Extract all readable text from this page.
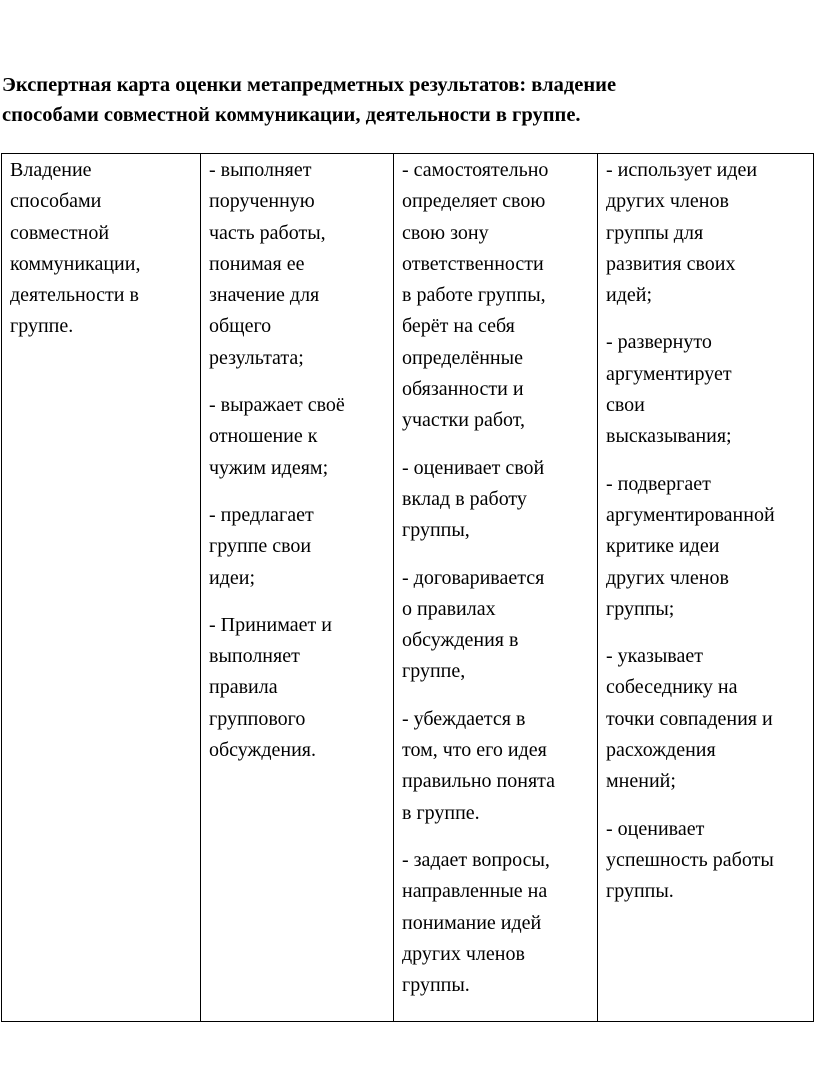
Экспертная карта оценки метапредметных результатов: владение
способами совместной коммуникации, деятельности в группе.
Владение
способами
совместной
коммуникации,
деятельности в
группе.

- выполняет
порученную
часть работы,
понимая ее
значение для
общего
результата;
- выражает своё
отношение к
чужим идеям;
- предлагает
группе свои
идеи;
- Принимает и
выполняет
правила
группового
обсуждения.

- самостоятельно
определяет свою
свою зону
ответственности
в работе группы,
берёт на себя
определённые
обязанности и
участки работ,
- оценивает свой
вклад в работу
группы,
- договаривается
о правилах
обсуждения в
группе,
- убеждается в
том, что его идея
правильно понята
в группе.
- задает вопросы,
направленные на
понимание идей
других членов
группы.

- использует идеи
других членов
группы для
развития своих
идей;
- развернуто
аргументирует
свои
высказывания;
- подвергает
аргументированной
критике идеи
других членов
группы;
- указывает
собеседнику на
точки совпадения и
расхождения
мнений;
- оценивает
успешность работы
группы.
